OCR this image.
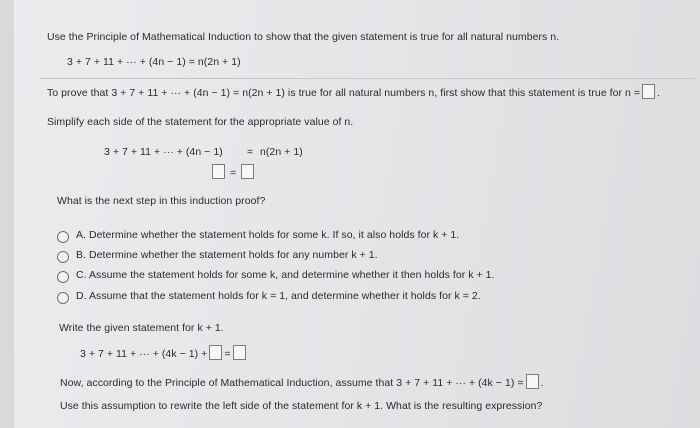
Use the Principle of Mathematical Induction to show that the given statement is true for all natural numbers n.
3 + 7 + 11 + ··· + (4n − 1) = n(2n + 1)
To prove that 3 + 7 + 11 + ··· + (4n − 1) = n(2n + 1) is true for all natural numbers n, first show that this statement is true for n = .
Simplify each side of the statement for the appropriate value of n.
3 + 7 + 11 + ··· + (4n − 1) = n(2n + 1)
=
What is the next step in this induction proof?
A. Determine whether the statement holds for some k. If so, it also holds for k + 1.
B. Determine whether the statement holds for any number k + 1.
C. Assume the statement holds for some k, and determine whether it then holds for k + 1.
D. Assume that the statement holds for k = 1, and determine whether it holds for k = 2.
Write the given statement for k + 1.
3 + 7 + 11 + ··· + (4k − 1) + =
Now, according to the Principle of Mathematical Induction, assume that 3 + 7 + 11 + ··· + (4k − 1) = .
Use this assumption to rewrite the left side of the statement for k + 1. What is the resulting expression?
